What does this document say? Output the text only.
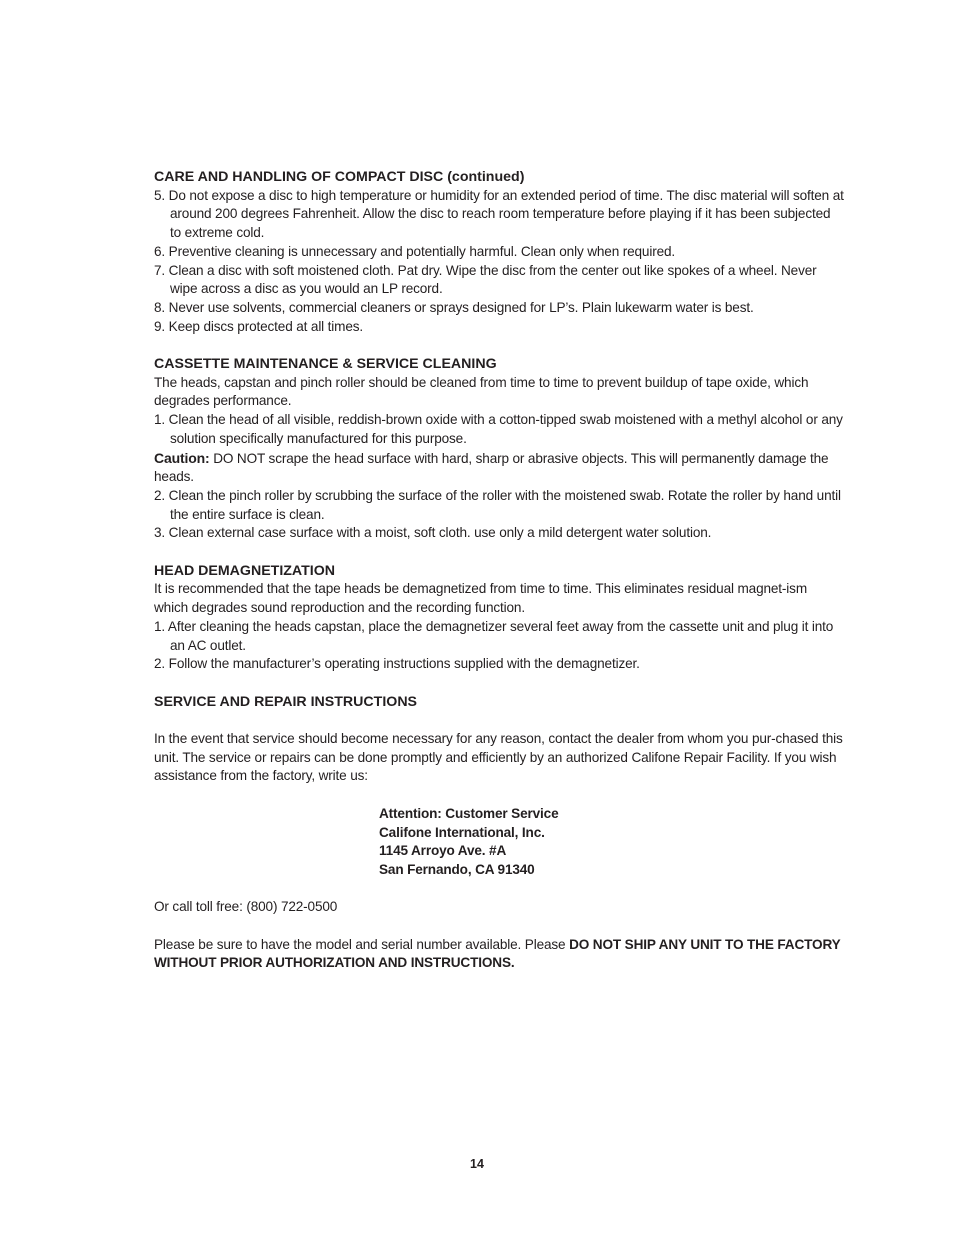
CARE AND HANDLING OF COMPACT DISC (continued)

5. Do not expose a disc to high temperature or humidity for an extended period of time. The disc material will soften at around 200 degrees Fahrenheit. Allow the disc to reach room temperature before playing if it has been subjected to extreme cold.

6. Preventive cleaning is unnecessary and potentially harmful. Clean only when required.

7. Clean a disc with soft moistened cloth. Pat dry. Wipe the disc from the center out like spokes of a wheel. Never wipe across a disc as you would an LP record.

8. Never use solvents, commercial cleaners or sprays designed for LP’s. Plain lukewarm water is best.

9. Keep discs protected at all times.

CASSETTE MAINTENANCE & SERVICE CLEANING

The heads, capstan and pinch roller should be cleaned from time to time to prevent buildup of tape oxide, which degrades performance.

1. Clean the head of all visible, reddish-brown oxide with a cotton-tipped swab moistened with a methyl alcohol or any solution specifically manufactured for this purpose.

Caution: DO NOT scrape the head surface with hard, sharp or abrasive objects. This will permanently damage the heads.

2. Clean the pinch roller by scrubbing the surface of the roller with the moistened swab. Rotate the roller by hand until the entire surface is clean.

3. Clean external case surface with a moist, soft cloth. use only a mild detergent water solution.

HEAD DEMAGNETIZATION

It is recommended that the tape heads be demagnetized from time to time. This eliminates residual magnet-ism which degrades sound reproduction and the recording function.

1. After cleaning the heads capstan, place the demagnetizer several feet away from the cassette unit and plug it into an AC outlet.

2. Follow the manufacturer’s operating instructions supplied with the demagnetizer.

SERVICE AND REPAIR INSTRUCTIONS

In the event that service should become necessary for any reason, contact the dealer from whom you pur-chased this unit. The service or repairs can be done promptly and efficiently by an authorized Califone Repair Facility. If you wish assistance from the factory, write us:

Attention: Customer Service

Califone International, Inc.

1145 Arroyo Ave. #A

San Fernando, CA 91340

Or call toll free: (800) 722-0500

Please be sure to have the model and serial number available. Please DO NOT SHIP ANY UNIT TO THE FACTORY WITHOUT PRIOR AUTHORIZATION AND INSTRUCTIONS.

14
